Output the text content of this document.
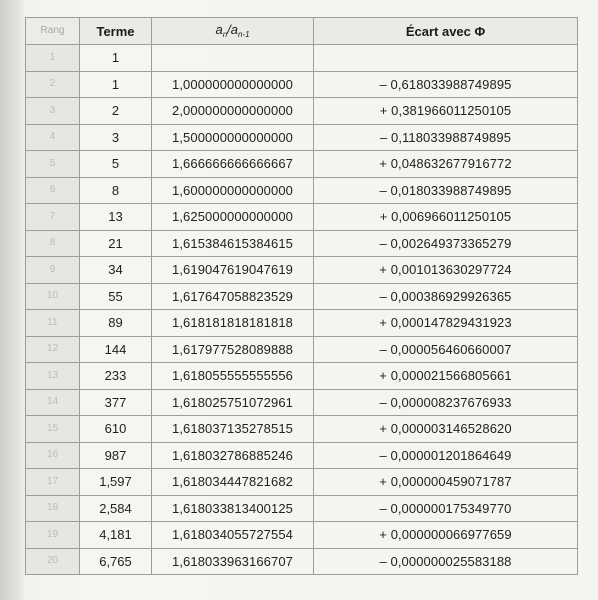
Rang	Terme	$a_n/a_{n-1}$	Écart avec Φ
1	1		
2	1	1,000000000000000	– 0,618033988749895
3	2	2,000000000000000	+ 0,381966011250105
4	3	1,500000000000000	– 0,118033988749895
5	5	1,666666666666667	+ 0,048632677916772
6	8	1,600000000000000	– 0,018033988749895
7	13	1,625000000000000	+ 0,006966011250105
8	21	1,615384615384615	– 0,002649373365279
9	34	1,619047619047619	+ 0,001013630297724
10	55	1,617647058823529	– 0,000386929926365
11	89	1,618181818181818	+ 0,000147829431923
12	144	1,617977528089888	– 0,000056460660007
13	233	1,618055555555556	+ 0,000021566805661
14	377	1,618025751072961	– 0,000008237676933
15	610	1,618037135278515	+ 0,000003146528620
16	987	1,618032786885246	– 0,000001201864649
17	1,597	1,618034447821682	+ 0,000000459071787
18	2,584	1,618033813400125	– 0,000000175349770
19	4,181	1,618034055727554	+ 0,000000066977659
20	6,765	1,618033963166707	– 0,000000025583188
